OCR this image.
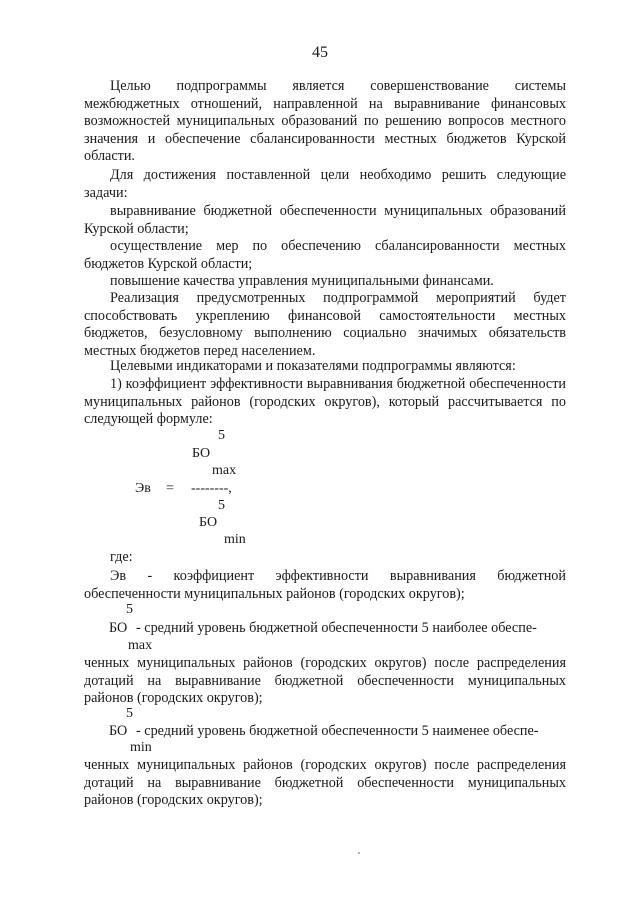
45

Целью подпрограммы является совершенствование системы межбюджетных отношений, направленной на выравнивание финансовых возможностей муниципальных образований по решению вопросов местного значения и обеспечение сбалансированности местных бюджетов Курской области.

Для достижения поставленной цели необходимо решить следующие задачи:

выравнивание бюджетной обеспеченности муниципальных образований Курской области;

осуществление мер по обеспечению сбалансированности местных бюджетов Курской области;

повышение качества управления муниципальными финансами.

Реализация предусмотренных подпрограммой мероприятий будет способствовать укреплению финансовой самостоятельности местных бюджетов, безусловному выполнению социально значимых обязательств местных бюджетов перед населением.

Целевыми индикаторами и показателями подпрограммы являются:

1) коэффициент эффективности выравнивания бюджетной обеспеченности муниципальных районов (городских округов), который рассчитывается по следующей формуле:

5
БО
max
Эв = --------,
5
БО
min
где:

Эв - коэффициент эффективности выравнивания бюджетной обеспеченности муниципальных районов (городских округов);

5
БО - средний уровень бюджетной обеспеченности 5 наиболее обеспе-
max

ченных муниципальных районов (городских округов) после распределения дотаций на выравнивание бюджетной обеспеченности муниципальных районов (городских округов);

5
БО - средний уровень бюджетной обеспеченности 5 наименее обеспе-
min

ченных муниципальных районов (городских округов) после распределения дотаций на выравнивание бюджетной обеспеченности муниципальных районов (городских округов);
